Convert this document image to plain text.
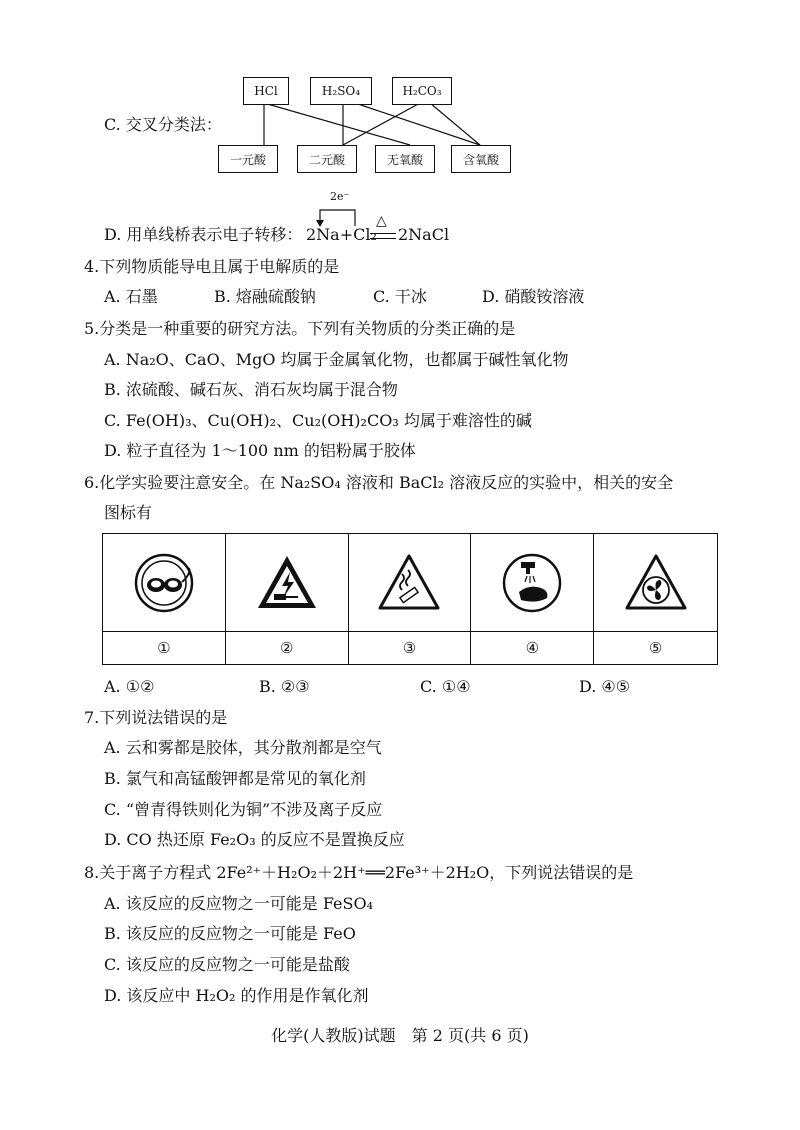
C. 交叉分类法：
HCl	H₂SO₄	H₂CO₃
一元酸	二元酸	无氧酸	含氧酸
D. 用单线桥表示电子转移：
2e⁻
2Na+Cl₂
△
2NaCl
4.下列物质能导电且属于电解质的是
A. 石墨	B. 熔融硫酸钠	C. 干冰	D. 硝酸铵溶液
5.分类是一种重要的研究方法。下列有关物质的分类正确的是
A. Na₂O、CaO、MgO 均属于金属氧化物，也都属于碱性氧化物
B. 浓硫酸、碱石灰、消石灰均属于混合物
C. Fe(OH)₃、Cu(OH)₂、Cu₂(OH)₂CO₃ 均属于难溶性的碱
D. 粒子直径为 1～100 nm 的铝粉属于胶体
6.化学实验要注意安全。在 Na₂SO₄ 溶液和 BaCl₂ 溶液反应的实验中，相关的安全
图标有
①	②	③	④	⑤
A. ①②	B. ②③	C. ①④	D. ④⑤
7.下列说法错误的是
A. 云和雾都是胶体，其分散剂都是空气
B. 氯气和高锰酸钾都是常见的氧化剂
C. “曾青得铁则化为铜”不涉及离子反应
D. CO 热还原 Fe₂O₃ 的反应不是置换反应
8.关于离子方程式 2Fe²⁺＋H₂O₂＋2H⁺══2Fe³⁺＋2H₂O，下列说法错误的是
A. 该反应的反应物之一可能是 FeSO₄
B. 该反应的反应物之一可能是 FeO
C. 该反应的反应物之一可能是盐酸
D. 该反应中 H₂O₂ 的作用是作氧化剂
化学(人教版)试题　第 2 页(共 6 页)
